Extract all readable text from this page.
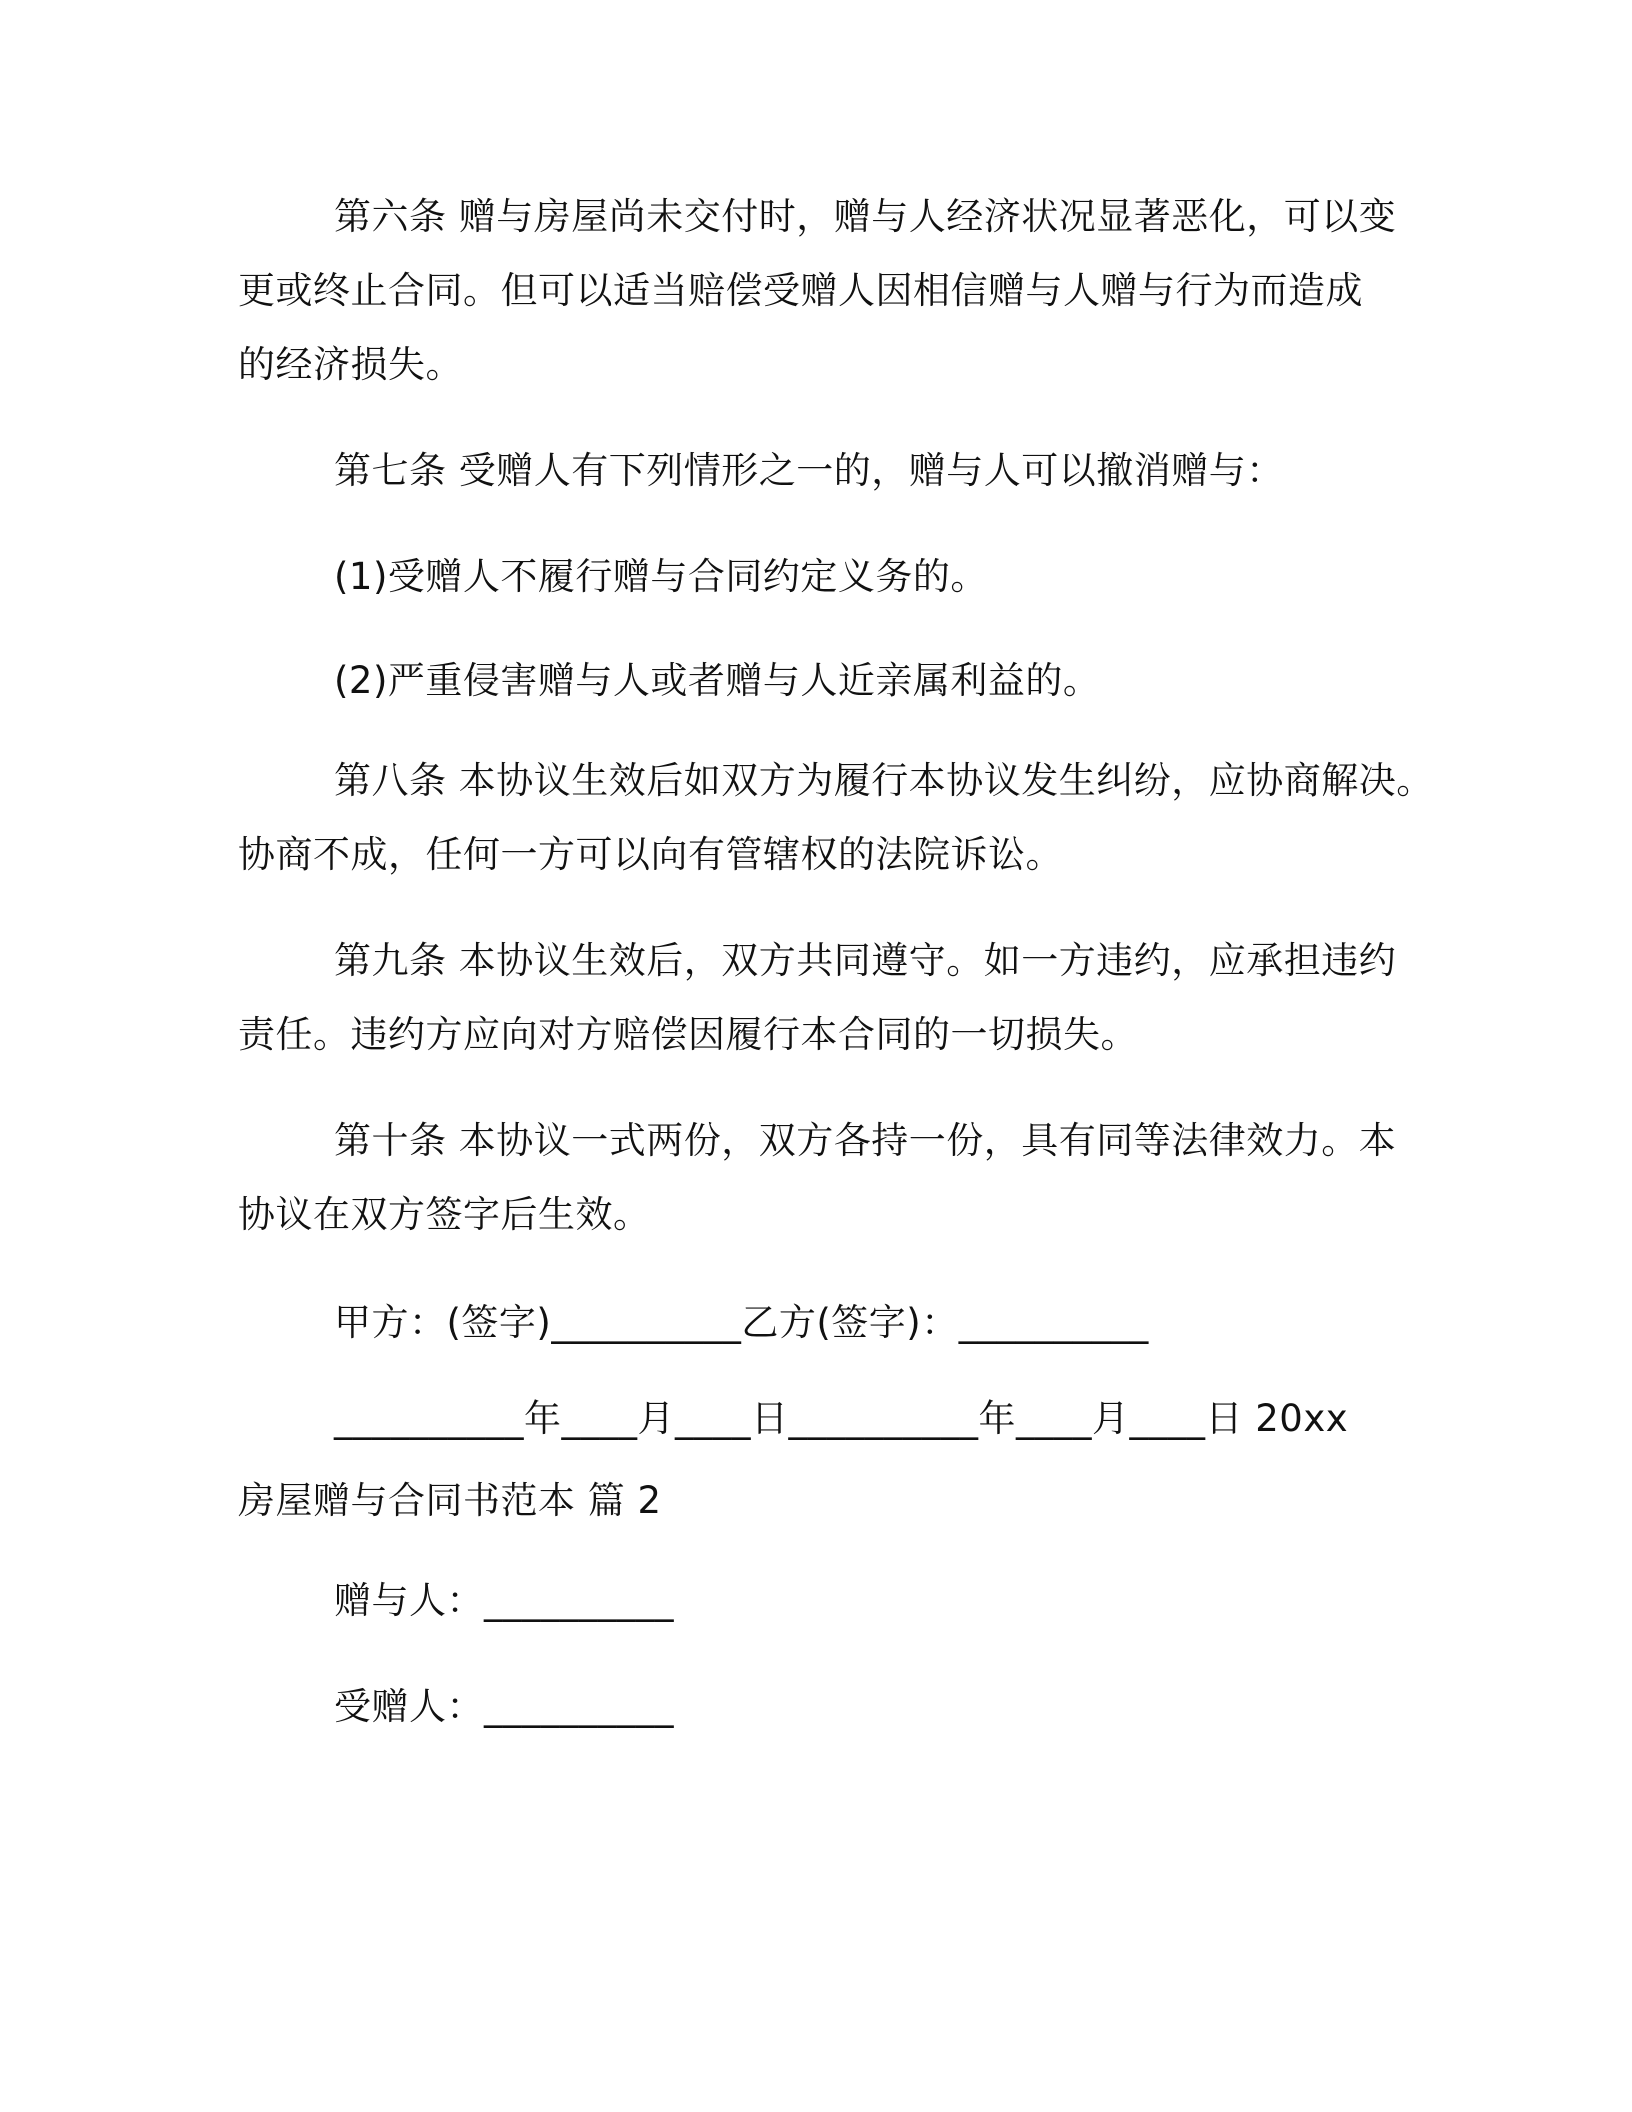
第六条 赠与房屋尚未交付时，赠与人经济状况显著恶化，可以变
更或终止合同。但可以适当赔偿受赠人因相信赠与人赠与行为而造成
的经济损失。
第七条 受赠人有下列情形之一的，赠与人可以撤消赠与：
(1)受赠人不履行赠与合同约定义务的。
(2)严重侵害赠与人或者赠与人近亲属利益的。
第八条 本协议生效后如双方为履行本协议发生纠纷，应协商解决。
协商不成，任何一方可以向有管辖权的法院诉讼。
第九条 本协议生效后，双方共同遵守。如一方违约，应承担违约
责任。违约方应向对方赔偿因履行本合同的一切损失。
第十条 本协议一式两份，双方各持一份，具有同等法律效力。本
协议在双方签字后生效。
甲方：(签字)__________乙方(签字)：__________
__________年____月____日__________年____月____日 20xx
房屋赠与合同书范本 篇 2
赠与人：__________
受赠人：__________
